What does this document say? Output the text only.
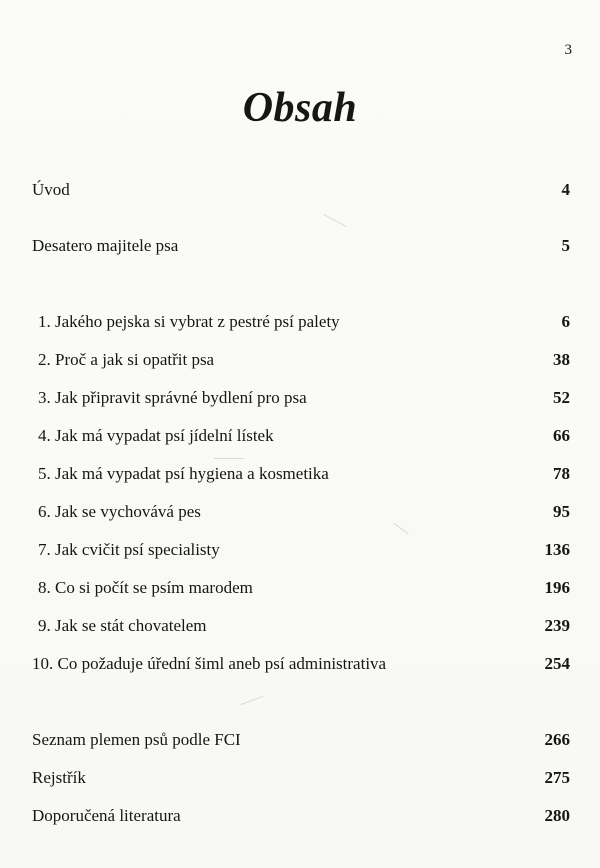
3
Obsah
Úvod	4
Desatero majitele psa	5
1. Jakého pejska si vybrat z pestré psí palety	6
2. Proč a jak si opatřit psa	38
3. Jak připravit správné bydlení pro psa	52
4. Jak má vypadat psí jídelní lístek	66
5. Jak má vypadat psí hygiena a kosmetika	78
6. Jak se vychovává pes	95
7. Jak cvičit psí specialisty	136
8. Co si počít se psím marodem	196
9. Jak se stát chovatelem	239
10. Co požaduje úřední šiml aneb psí administrativa	254
Seznam plemen psů podle FCI	266
Rejstřík	275
Doporučená literatura	280
